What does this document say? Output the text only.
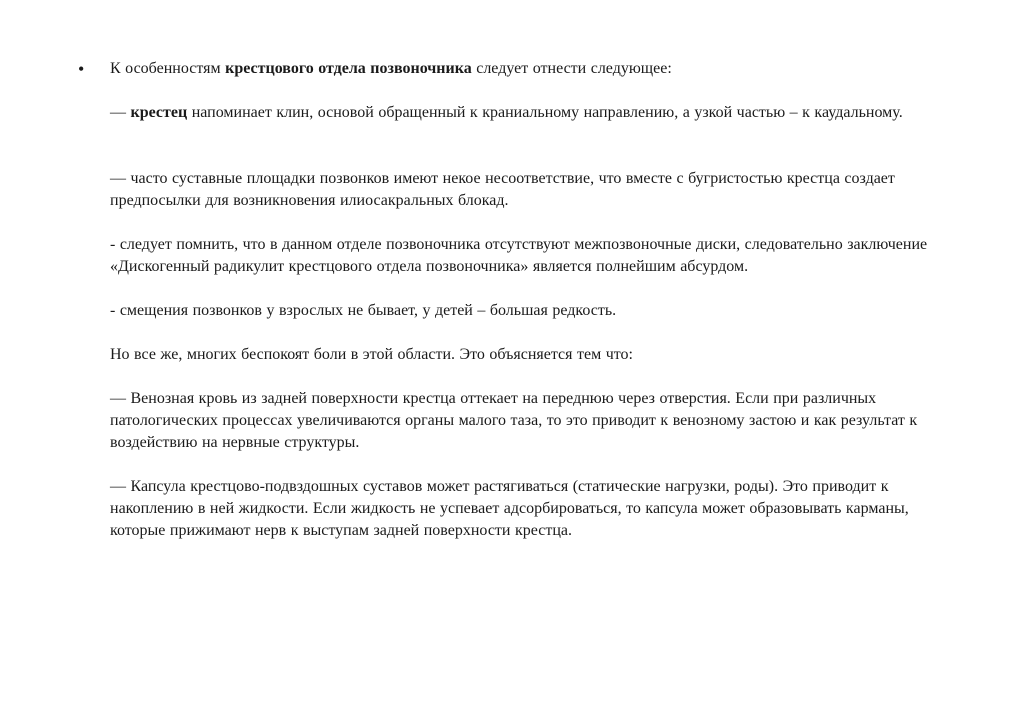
• К особенностям крестцового отдела позвоночника следует отнести следующее:

— крестец напоминает клин, основой обращенный к краниальному направлению, а узкой частью – к каудальному.

— часто суставные площадки позвонков имеют некое несоответствие, что вместе с бугристостью крестца создает предпосылки для возникновения илиосакральных блокад.

- следует помнить, что в данном отделе позвоночника отсутствуют межпозвоночные диски, следовательно заключение «Дискогенный радикулит крестцового отдела позвоночника» является полнейшим абсурдом.

- смещения позвонков у взрослых не бывает, у детей – большая редкость.

Но все же, многих беспокоят боли в этой области. Это объясняется тем что:

— Венозная кровь из задней поверхности крестца оттекает на переднюю через отверстия. Если при различных патологических процессах увеличиваются органы малого таза, то это приводит к венозному застою и как результат к воздействию на нервные структуры.

— Капсула крестцово-подвздошных суставов может растягиваться (статические нагрузки, роды). Это приводит к накоплению в ней жидкости. Если жидкость не успевает адсорбироваться, то капсула может образовывать карманы, которые прижимают нерв к выступам задней поверхности крестца.
